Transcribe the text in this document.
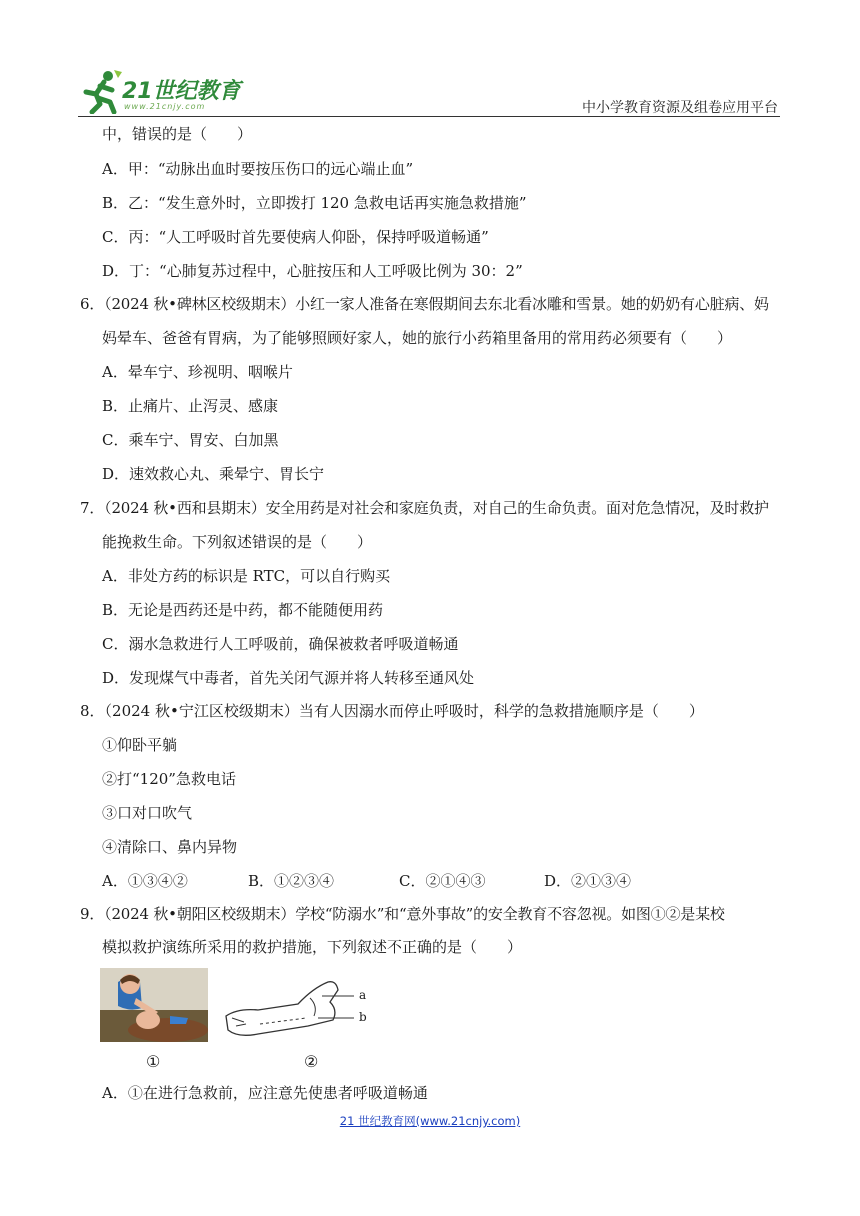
21世纪教育
www.21cnjy.com	中小学教育资源及组卷应用平台
中，错误的是（　　）
A．甲：“动脉出血时要按压伤口的远心端止血”
B．乙：“发生意外时，立即拨打 120 急救电话再实施急救措施”
C．丙：“人工呼吸时首先要使病人仰卧，保持呼吸道畅通”
D．丁：“心肺复苏过程中，心脏按压和人工呼吸比例为 30：2”
6．（2024 秋•碑林区校级期末）小红一家人准备在寒假期间去东北看冰雕和雪景。她的奶奶有心脏病、妈
妈晕车、爸爸有胃病，为了能够照顾好家人，她的旅行小药箱里备用的常用药必须要有（　　）
A．晕车宁、珍视明、咽喉片
B．止痛片、止泻灵、感康
C．乘车宁、胃安、白加黑
D．速效救心丸、乘晕宁、胃长宁
7．（2024 秋•西和县期末）安全用药是对社会和家庭负责，对自己的生命负责。面对危急情况，及时救护
能挽救生命。下列叙述错误的是（　　）
A．非处方药的标识是 RTC，可以自行购买
B．无论是西药还是中药，都不能随便用药
C．溺水急救进行人工呼吸前，确保被救者呼吸道畅通
D．发现煤气中毒者，首先关闭气源并将人转移至通风处
8．（2024 秋•宁江区校级期末）当有人因溺水而停止呼吸时，科学的急救措施顺序是（　　）
①仰卧平躺
②打“120”急救电话
③口对口吹气
④清除口、鼻内异物
A．①③④②	B．①②③④	C．②①④③	D．②①③④
9．（2024 秋•朝阳区校级期末）学校“防溺水”和“意外事故”的安全教育不容忽视。如图①②是某校
模拟救护演练所采用的救护措施，下列叙述不正确的是（　　）
①
a
b
②
A．①在进行急救前，应注意先使患者呼吸道畅通
21 世纪教育网(www.21cnjy.com)
